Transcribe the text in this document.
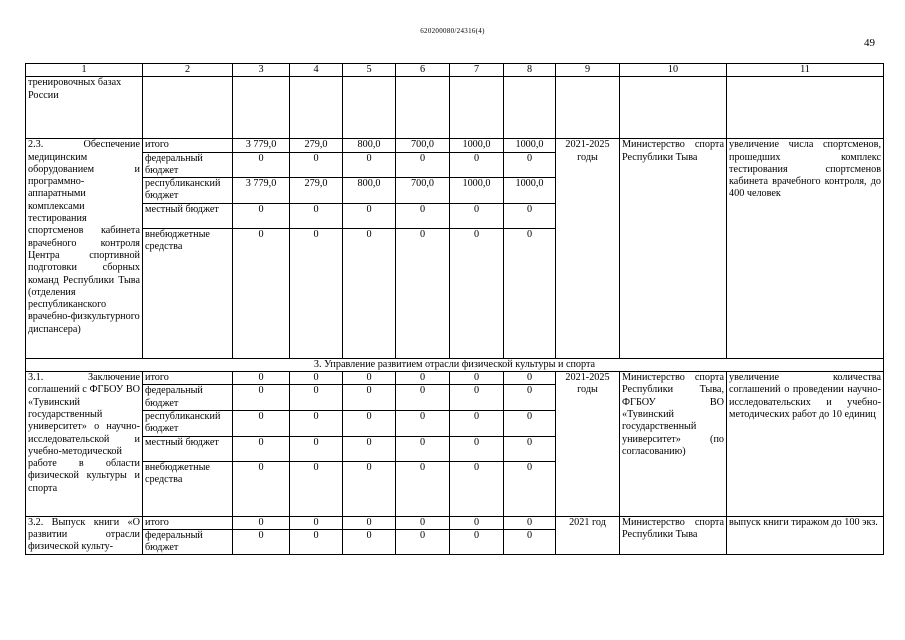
620200080/24316(4)
49
1	2	3	4	5	6	7	8	9	10	11
тренировочных базах России										
2.3. Обеспечение медицинским оборудованием и программно-аппаратными комплексами тестирования спортсменов кабинета врачебного контроля Центра спортивной подготовки сборных команд Республики Тыва (отделения республиканского врачебно-физкультурного диспансера)	итого	3 779,0	279,0	800,0	700,0	1000,0	1000,0	2021-2025 годы	Министерство спорта Республики Тыва	увеличение числа спортсменов, прошедших комплекс тестирования спортсменов кабинета врачебного контроля, до 400 человек
	федеральный бюджет	0	0	0	0	0	0			
	республиканский бюджет	3 779,0	279,0	800,0	700,0	1000,0	1000,0			
	местный бюджет	0	0	0	0	0	0			
	внебюджетные средства	0	0	0	0	0	0			
3. Управление развитием отрасли физической культуры и спорта										
3.1. Заключение соглашений с ФГБОУ ВО «Тувинский государственный университет» о научно-исследовательской и учебно-методической работе в области физической культуры и спорта	итого	0	0	0	0	0	0	2021-2025 годы	Министерство спорта Республики Тыва, ФГБОУ ВО «Тувинский государственный университет» (по согласованию)	увеличение количества соглашений о проведении научно-исследовательских и учебно-методических работ до 10 единиц
	федеральный бюджет	0	0	0	0	0	0			
	республиканский бюджет	0	0	0	0	0	0			
	местный бюджет	0	0	0	0	0	0			
	внебюджетные средства	0	0	0	0	0	0			
3.2. Выпуск книги «О развитии отрасли физической культу-	итого	0	0	0	0	0	0	2021 год	Министерство спорта Республики Тыва	выпуск книги тиражом до 100 экз.
	федеральный бюджет	0	0	0	0	0	0			
